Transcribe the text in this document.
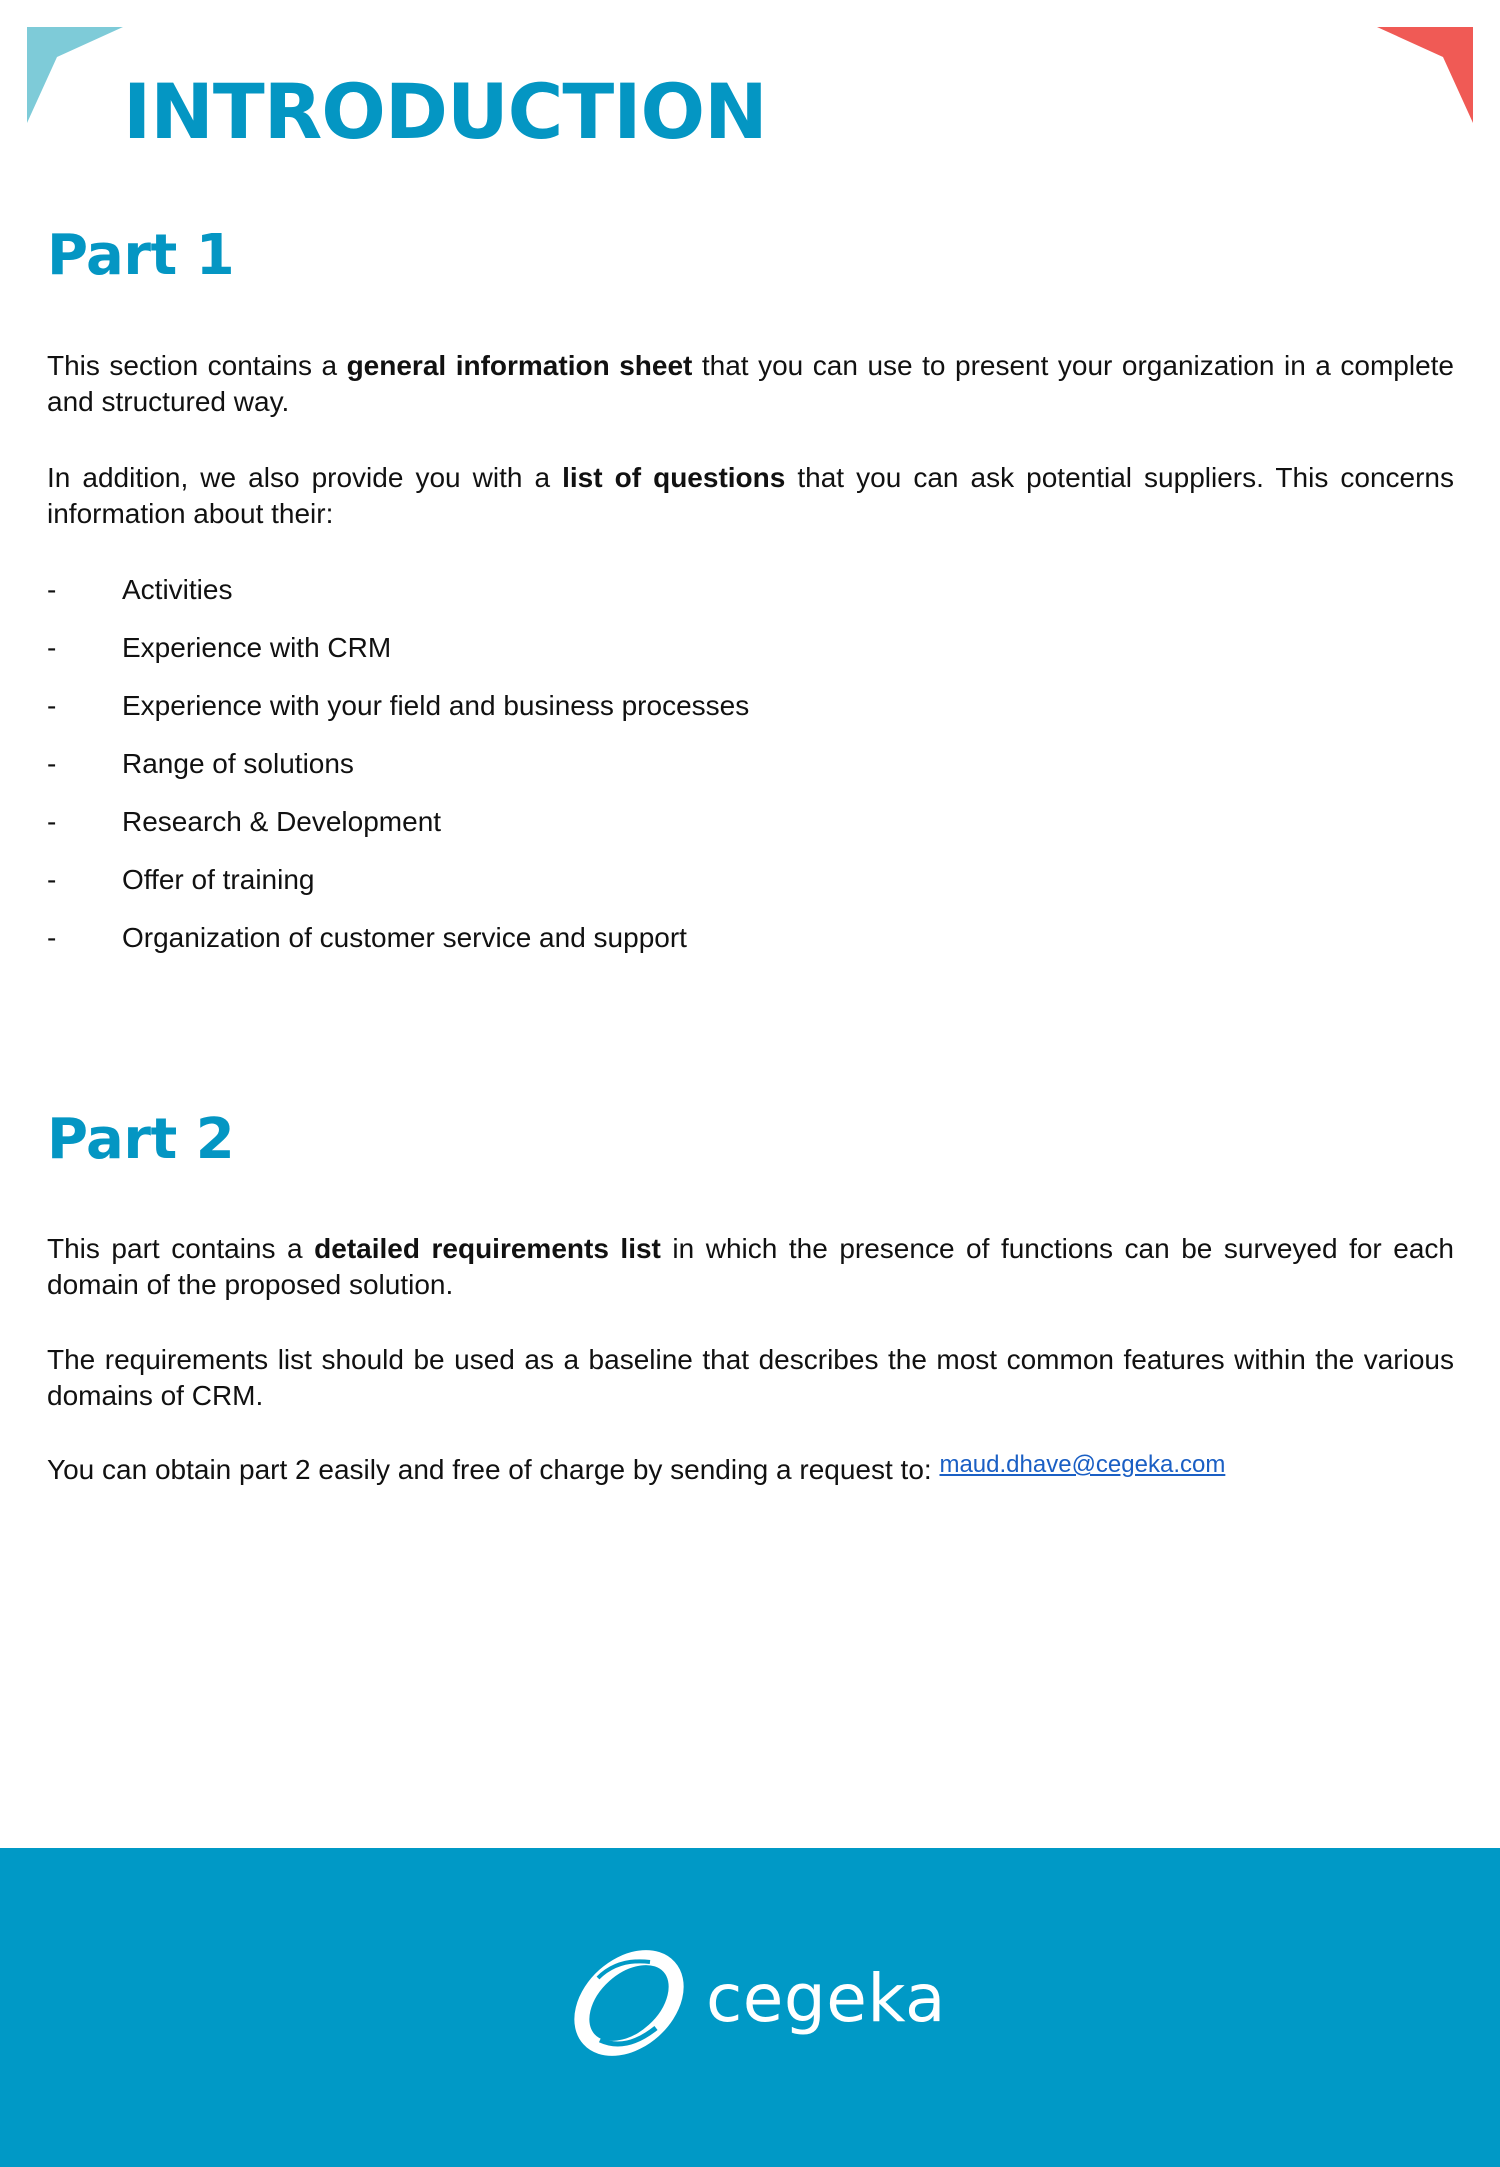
INTRODUCTION
Part 1

This section contains a general information sheet that you can use to present your organization in a complete and structured way.

In addition, we also provide you with a list of questions that you can ask potential suppliers. This concerns information about their:

- Activities
- Experience with CRM
- Experience with your field and business processes
- Range of solutions
- Research & Development
- Offer of training
- Organization of customer service and support
Part 2

This part contains a detailed requirements list in which the presence of functions can be surveyed for each domain of the proposed solution.

The requirements list should be used as a baseline that describes the most common features within the various domains of CRM.

You can obtain part 2 easily and free of charge by sending a request to: maud.dhave@cegeka.com

cegeka
